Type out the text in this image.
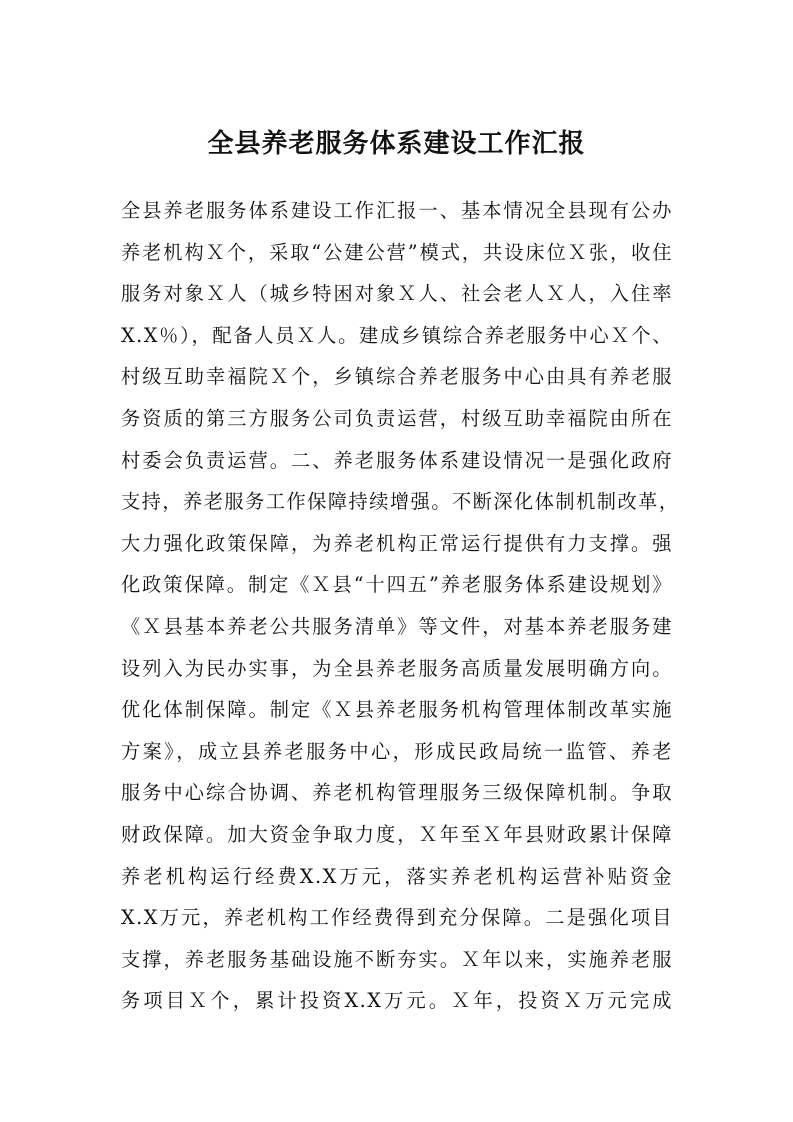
全县养老服务体系建设工作汇报
全县养老服务体系建设工作汇报一、基本情况全县现有公办
养老机构Ｘ个，采取“公建公营”模式，共设床位Ｘ张，收住
服务对象Ｘ人（城乡特困对象Ｘ人、社会老人Ｘ人，入住率
X.X％），配备人员Ｘ人。建成乡镇综合养老服务中心Ｘ个、
村级互助幸福院Ｘ个，乡镇综合养老服务中心由具有养老服
务资质的第三方服务公司负责运营，村级互助幸福院由所在
村委会负责运营。二、养老服务体系建设情况一是强化政府
支持，养老服务工作保障持续增强。不断深化体制机制改革，
大力强化政策保障，为养老机构正常运行提供有力支撑。强
化政策保障。制定《Ｘ县“十四五”养老服务体系建设规划》
《Ｘ县基本养老公共服务清单》等文件，对基本养老服务建
设列入为民办实事，为全县养老服务高质量发展明确方向。
优化体制保障。制定《Ｘ县养老服务机构管理体制改革实施
方案》，成立县养老服务中心，形成民政局统一监管、养老
服务中心综合协调、养老机构管理服务三级保障机制。争取
财政保障。加大资金争取力度，Ｘ年至Ｘ年县财政累计保障
养老机构运行经费X.X万元，落实养老机构运营补贴资金
X.X万元，养老机构工作经费得到充分保障。二是强化项目
支撑，养老服务基础设施不断夯实。Ｘ年以来，实施养老服
务项目Ｘ个，累计投资X.X万元。Ｘ年，投资Ｘ万元完成
